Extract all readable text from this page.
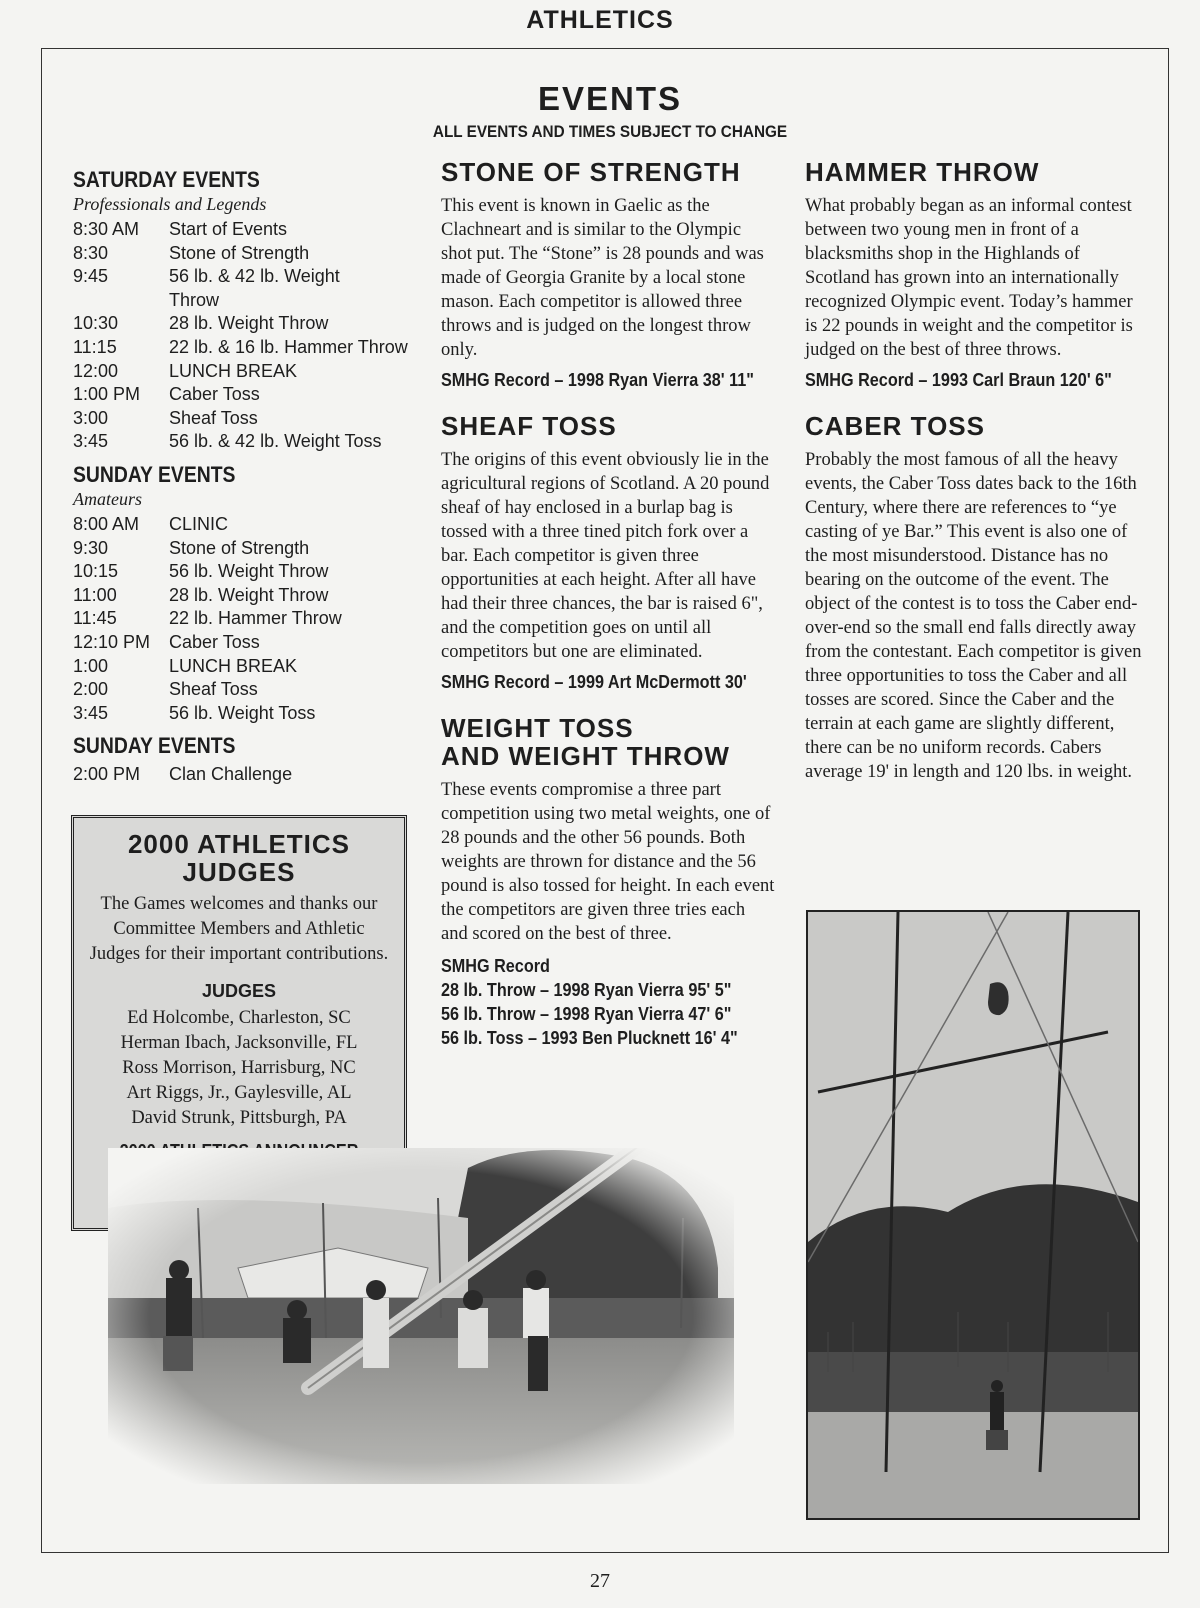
ATHLETICS
EVENTS
ALL EVENTS AND TIMES SUBJECT TO CHANGE
SATURDAY EVENTS
Professionals and Legends
8:30 AM	Start of Events
8:30	Stone of Strength
9:45	56 lb. & 42 lb. Weight
	Throw
10:30	28 lb. Weight Throw
11:15	22 lb. & 16 lb. Hammer Throw
12:00	LUNCH BREAK
1:00 PM	Caber Toss
3:00	Sheaf Toss
3:45	56 lb. & 42 lb. Weight Toss
SUNDAY EVENTS
Amateurs
8:00 AM	CLINIC
9:30	Stone of Strength
10:15	56 lb. Weight Throw
11:00	28 lb. Weight Throw
11:45	22 lb. Hammer Throw
12:10 PM	Caber Toss
1:00	LUNCH BREAK
2:00	Sheaf Toss
3:45	56 lb. Weight Toss
SUNDAY EVENTS
2:00 PM	Clan Challenge
2000 ATHLETICS JUDGES
The Games welcomes and thanks our Committee Members and Athletic Judges for their important contributions.
JUDGES
Ed Holcombe, Charleston, SC
Herman Ibach, Jacksonville, FL
Ross Morrison, Harrisburg, NC
Art Riggs, Jr., Gaylesville, AL
David Strunk, Pittsburgh, PA
STONE OF STRENGTH
This event is known in Gaelic as the Clachneart and is similar to the Olympic shot put. The “Stone” is 28 pounds and was made of Georgia Granite by a local stone mason. Each competitor is allowed three throws and is judged on the longest throw only.
SMHG Record – 1998 Ryan Vierra 38' 11"
SHEAF TOSS
The origins of this event obviously lie in the agricultural regions of Scotland. A 20 pound sheaf of hay enclosed in a burlap bag is tossed with a three tined pitch fork over a bar. Each competitor is given three opportunities at each height. After all have had their three chances, the bar is raised 6", and the competition goes on until all competitors but one are eliminated.
SMHG Record – 1999 Art McDermott 30'
WEIGHT TOSS
AND WEIGHT THROW
These events compromise a three part competition using two metal weights, one of 28 pounds and the other 56 pounds. Both weights are thrown for distance and the 56 pound is also tossed for height. In each event the competitors are given three tries each and scored on the best of three.
SMHG Record
28 lb. Throw – 1998 Ryan Vierra 95' 5"
56 lb. Throw – 1998 Ryan Vierra 47' 6"
56 lb. Toss – 1993 Ben Plucknett 16' 4"
HAMMER THROW
What probably began as an informal contest between two young men in front of a blacksmiths shop in the Highlands of Scotland has grown into an internationally recognized Olympic event. Today’s hammer is 22 pounds in weight and the competitor is judged on the best of three throws.
SMHG Record – 1993 Carl Braun 120' 6"
CABER TOSS
Probably the most famous of all the heavy events, the Caber Toss dates back to the 16th Century, where there are references to “ye casting of ye Bar.” This event is also one of the most misunderstood. Distance has no bearing on the outcome of the event. The object of the contest is to toss the Caber end-over-end so the small end falls directly away from the contestant. Each competitor is given three opportunities to toss the Caber and all tosses are scored. Since the Caber and the terrain at each game are slightly different, there can be no uniform records. Cabers average 19' in length and 120 lbs. in weight.
27
